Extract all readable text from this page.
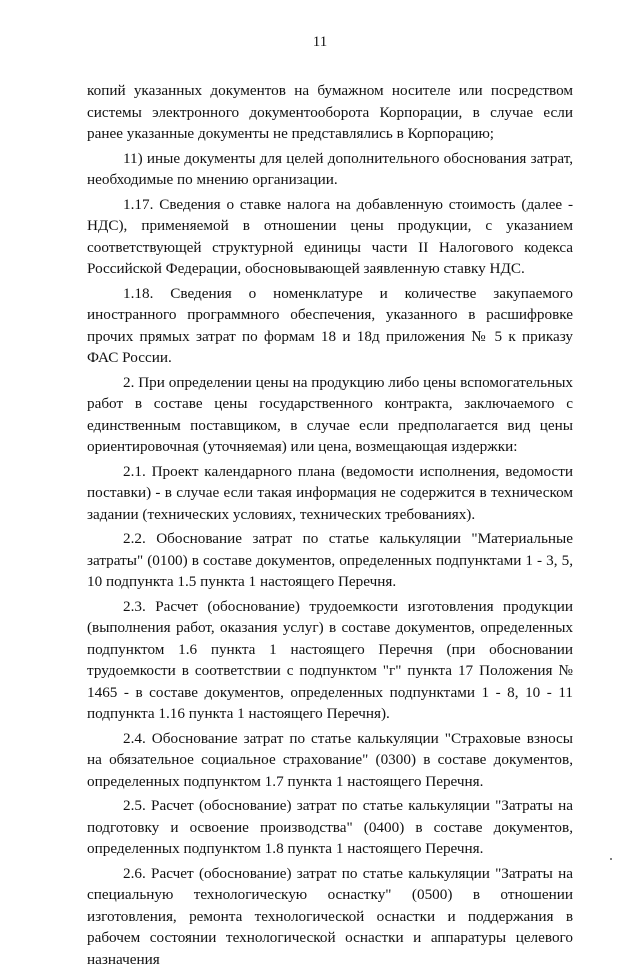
11

копий указанных документов на бумажном носителе или посредством системы электронного документооборота Корпорации, в случае если ранее указанные документы не представлялись в Корпорацию;

11) иные документы для целей дополнительного обоснования затрат, необходимые по мнению организации.

1.17. Сведения о ставке налога на добавленную стоимость (далее - НДС), применяемой в отношении цены продукции, с указанием соответствующей структурной единицы части II Налогового кодекса Российской Федерации, обосновывающей заявленную ставку НДС.

1.18. Сведения о номенклатуре и количестве закупаемого иностранного программного обеспечения, указанного в расшифровке прочих прямых затрат по формам 18 и 18д приложения № 5 к приказу ФАС России.

2. При определении цены на продукцию либо цены вспомогательных работ в составе цены государственного контракта, заключаемого с единственным поставщиком, в случае если предполагается вид цены ориентировочная (уточняемая) или цена, возмещающая издержки:

2.1. Проект календарного плана (ведомости исполнения, ведомости поставки) - в случае если такая информация не содержится в техническом задании (технических условиях, технических требованиях).

2.2. Обоснование затрат по статье калькуляции "Материальные затраты" (0100) в составе документов, определенных подпунктами 1 - 3, 5, 10 подпункта 1.5 пункта 1 настоящего Перечня.

2.3. Расчет (обоснование) трудоемкости изготовления продукции (выполнения работ, оказания услуг) в составе документов, определенных подпунктом 1.6 пункта 1 настоящего Перечня (при обосновании трудоемкости в соответствии с подпунктом "г" пункта 17 Положения № 1465 - в составе документов, определенных подпунктами 1 - 8, 10 - 11 подпункта 1.16 пункта 1 настоящего Перечня).

2.4. Обоснование затрат по статье калькуляции "Страховые взносы на обязательное социальное страхование" (0300) в составе документов, определенных подпунктом 1.7 пункта 1 настоящего Перечня.

2.5. Расчет (обоснование) затрат по статье калькуляции "Затраты на подготовку и освоение производства" (0400) в составе документов, определенных подпунктом 1.8 пункта 1 настоящего Перечня.

2.6. Расчет (обоснование) затрат по статье калькуляции "Затраты на специальную технологическую оснастку" (0500) в отношении изготовления, ремонта технологической оснастки и поддержания в рабочем состоянии технологической оснастки и аппаратуры целевого назначения
